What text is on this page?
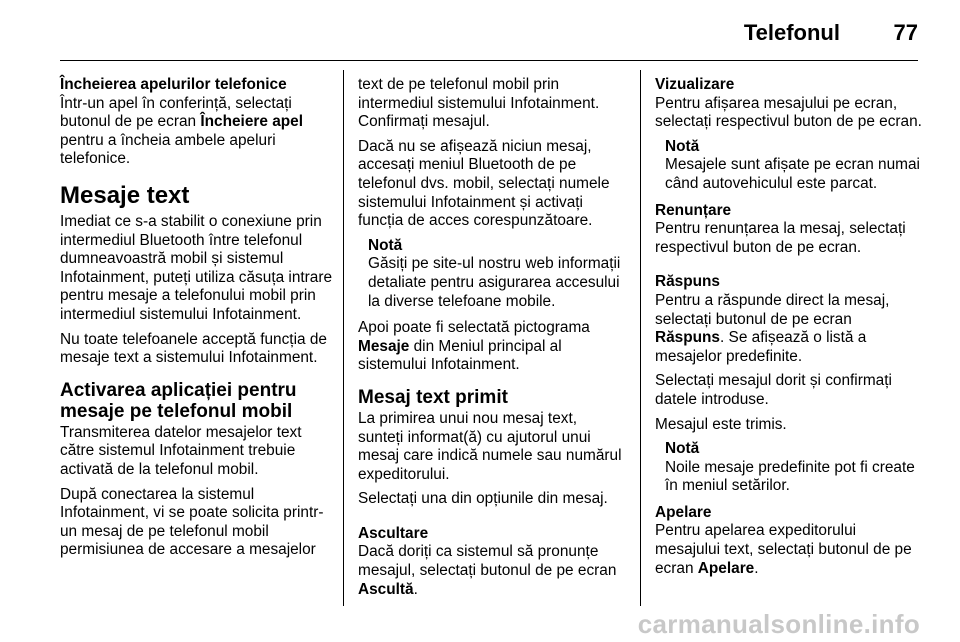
Telefonul 77

Încheierea apelurilor telefonice

Într-un apel în conferință, selectați butonul de pe ecran Încheiere apel pentru a încheia ambele apeluri telefonice.

Mesaje text

Imediat ce s-a stabilit o conexiune prin intermediul Bluetooth între telefonul dumneavoastră mobil și sistemul Infotainment, puteți utiliza căsuța intrare pentru mesaje a telefonului mobil prin intermediul sistemului Infotainment.

Nu toate telefoanele acceptă funcția de mesaje text a sistemului Infotainment.

Activarea aplicației pentru mesaje pe telefonul mobil

Transmiterea datelor mesajelor text către sistemul Infotainment trebuie activată de la telefonul mobil.

După conectarea la sistemul Infotainment, vi se poate solicita printr-un mesaj de pe telefonul mobil permisiunea de accesare a mesajelor

text de pe telefonul mobil prin intermediul sistemului Infotainment. Confirmați mesajul.

Dacă nu se afișează niciun mesaj, accesați meniul Bluetooth de pe telefonul dvs. mobil, selectați numele sistemului Infotainment și activați funcția de acces corespunzătoare.

Notă
Găsiți pe site-ul nostru web informații detaliate pentru asigurarea accesului la diverse telefoane mobile.

Apoi poate fi selectată pictograma Mesaje din Meniul principal al sistemului Infotainment.

Mesaj text primit

La primirea unui nou mesaj text, sunteți informat(ă) cu ajutorul unui mesaj care indică numele sau numărul expeditorului.

Selectați una din opțiunile din mesaj.

Ascultare

Dacă doriți ca sistemul să pronunțe mesajul, selectați butonul de pe ecran Ascultă.

Vizualizare

Pentru afișarea mesajului pe ecran, selectați respectivul buton de pe ecran.

Notă
Mesajele sunt afișate pe ecran numai când autovehiculul este parcat.

Renunțare

Pentru renunțarea la mesaj, selectați respectivul buton de pe ecran.

Răspuns

Pentru a răspunde direct la mesaj, selectați butonul de pe ecran Răspuns. Se afișează o listă a mesajelor predefinite.

Selectați mesajul dorit și confirmați datele introduse.

Mesajul este trimis.

Notă
Noile mesaje predefinite pot fi create în meniul setărilor.

Apelare

Pentru apelarea expeditorului mesajului text, selectați butonul de pe ecran Apelare.

carmanualsonline.info
